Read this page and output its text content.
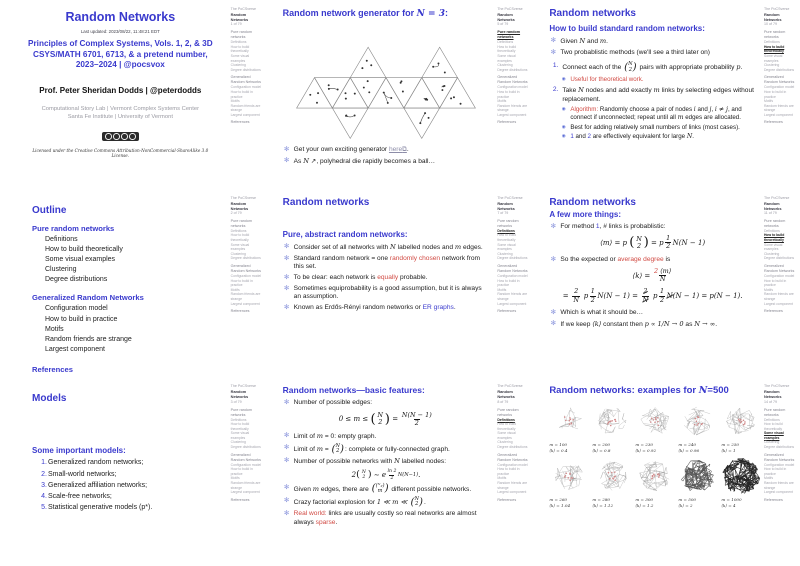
Random Networks
Last updated: 2023/08/22, 11:48:21 EDT
Principles of Complex Systems, Vols. 1, 2, & 3D
CSYS/MATH 6701, 6713, & a pretend number,
2023–2024 | @pocsvox
Prof. Peter Sheridan Dodds | @peterdodds
Computational Story Lab | Vermont Complex Systems Center
Santa Fe Institute | University of Vermont
Licensed under the Creative Commons Attribution-NonCommercial-ShareAlike 3.0 License.
The PoCSverse
Random Networks
1 of 79
Pure random networks
Definitions
How to build theoretically
Some visual examples
Clustering
Degree distributions
Generalized Random Networks
Configuration model
How to build in practice
Motifs
Random friends are strange
Largest component
References
Random network generator for N = 3:
✻ Get your own exciting generator here⧉.
✻ As N ↗, polyhedral die rapidly becomes a ball…
The PoCSverse
Random Networks
5 of 79
Pure random networks
Definitions
How to build theoretically
Some visual examples
Clustering
Degree distributions
Generalized Random Networks
Configuration model
How to build in practice
Motifs
Random friends are strange
Largest component
References
Random networks
How to build standard random networks:
✻ Given N and m.
✻ Two probablistic methods (we'll see a third later on)
1. Connect each of the ( N
2 ) pairs with appropriate probability p.
◉ Useful for theoretical work.
2. Take N nodes and add exactly m links by selecting edges without replacement.
◉ Algorithm: Randomly choose a pair of nodes i and j, i ≠ j, and connect if unconnected; repeat until all m edges are allocated.
◉ Best for adding relatively small numbers of links (most cases).
◉ 1 and 2 are effectively equivalent for large N.
The PoCSverse
Random Networks
10 of 79
Pure random networks
Definitions
How to build theoretically
Some visual examples
Clustering
Degree distributions
Generalized Random Networks
Configuration model
How to build in practice
Motifs
Random friends are strange
Largest component
References
Outline
Pure random networks
Definitions
How to build theoretically
Some visual examples
Clustering
Degree distributions
Generalized Random Networks
Configuration model
How to build in practice
Motifs
Random friends are strange
Largest component
References
The PoCSverse
Random Networks
2 of 79
Pure random networks
Definitions
How to build theoretically
Some visual examples
Clustering
Degree distributions
Generalized Random Networks
Configuration model
How to build in practice
Motifs
Random friends are strange
Largest component
References
Random networks
Pure, abstract random networks:
✻ Consider set of all networks with N labelled nodes and m edges.
✻ Standard random network = one randomly chosen network from this set.
✻ To be clear: each network is equally probable.
✻ Sometimes equiprobability is a good assumption, but it is always an assumption.
✻ Known as Erdős-Rényi random networks or ER graphs.
The PoCSverse
Random Networks
7 of 79
Pure random networks
Definitions
How to build theoretically
Some visual examples
Clustering
Degree distributions
Generalized Random Networks
Configuration model
How to build in practice
Motifs
Random friends are strange
Largest component
References
Random networks
A few more things:
✻ For method 1, # links is probablistic:
⟨m⟩ = p ( N
2 ) = p $\frac{1}{2} N(N - 1)$
✻ So the expected or average degree is
⟨k⟩ = $\frac{2 ⟨m⟩}{N}$
= $\frac{2}{N}$ p $\frac{1}{2} N(N - 1) = \frac{2}{N}$ p $\frac{1}{2}$ N (N − 1) = p(N − 1).
✻ Which is what it should be…
✻ If we keep ⟨k⟩ constant then p ∝ 1/N → 0 as N → ∞.
The PoCSverse
Random Networks
11 of 79
Pure random networks
Definitions
How to build theoretically
Some visual examples
Clustering
Degree distributions
Generalized Random Networks
Configuration model
How to build in practice
Motifs
Random friends are strange
Largest component
References
Models
Some important models:
1. Generalized random networks;
2. Small-world networks;
3. Generalized affiliation networks;
4. Scale-free networks;
5. Statistical generative models (p*).
The PoCSverse
Random Networks
3 of 79
Pure random networks
Definitions
How to build theoretically
Some visual examples
Clustering
Degree distributions
Generalized Random Networks
Configuration model
How to build in practice
Motifs
Random friends are strange
Largest component
References
Random networks—basic features:
✻ Number of possible edges:
0 ≤ m ≤ ( N
2 ) = $\frac{N(N - 1)}{2}$
✻ Limit of m = 0: empty graph.
✻ Limit of m = ( N
2 ) : complete or fully-connected graph.
✻ Number of possible networks with N labelled nodes:
2 ( N
2 ) ∼ e $\frac{\ln 2}{2} N(N-1)$ .
✻ Given m edges, there are ( (ᴺ₂)
m ) different possible networks.
✻ Crazy factorial explosion for 1 ≪ m ≪ ( N
2 ) .
✻ Real world: links are usually costly so real networks are almost always sparse.
The PoCSverse
Random Networks
8 of 79
Pure random networks
Definitions
How to build theoretically
Some visual examples
Clustering
Degree distributions
Generalized Random Networks
Configuration model
How to build in practice
Motifs
Random friends are strange
Largest component
References
Random networks: examples for N=500
m = 100
⟨k⟩ = 0.4
m = 200
⟨k⟩ = 0.8
m = 230
⟨k⟩ = 0.92
m = 240
⟨k⟩ = 0.96
m = 250
⟨k⟩ = 1
m = 260
⟨k⟩ = 1.04
m = 280
⟨k⟩ = 1.12
m = 300
⟨k⟩ = 1.2
m = 500
⟨k⟩ = 2
m = 1000
⟨k⟩ = 4
The PoCSverse
Random Networks
14 of 79
Pure random networks
Definitions
How to build theoretically
Some visual examples
Clustering
Degree distributions
Generalized Random Networks
Configuration model
How to build in practice
Motifs
Random friends are strange
Largest component
References
